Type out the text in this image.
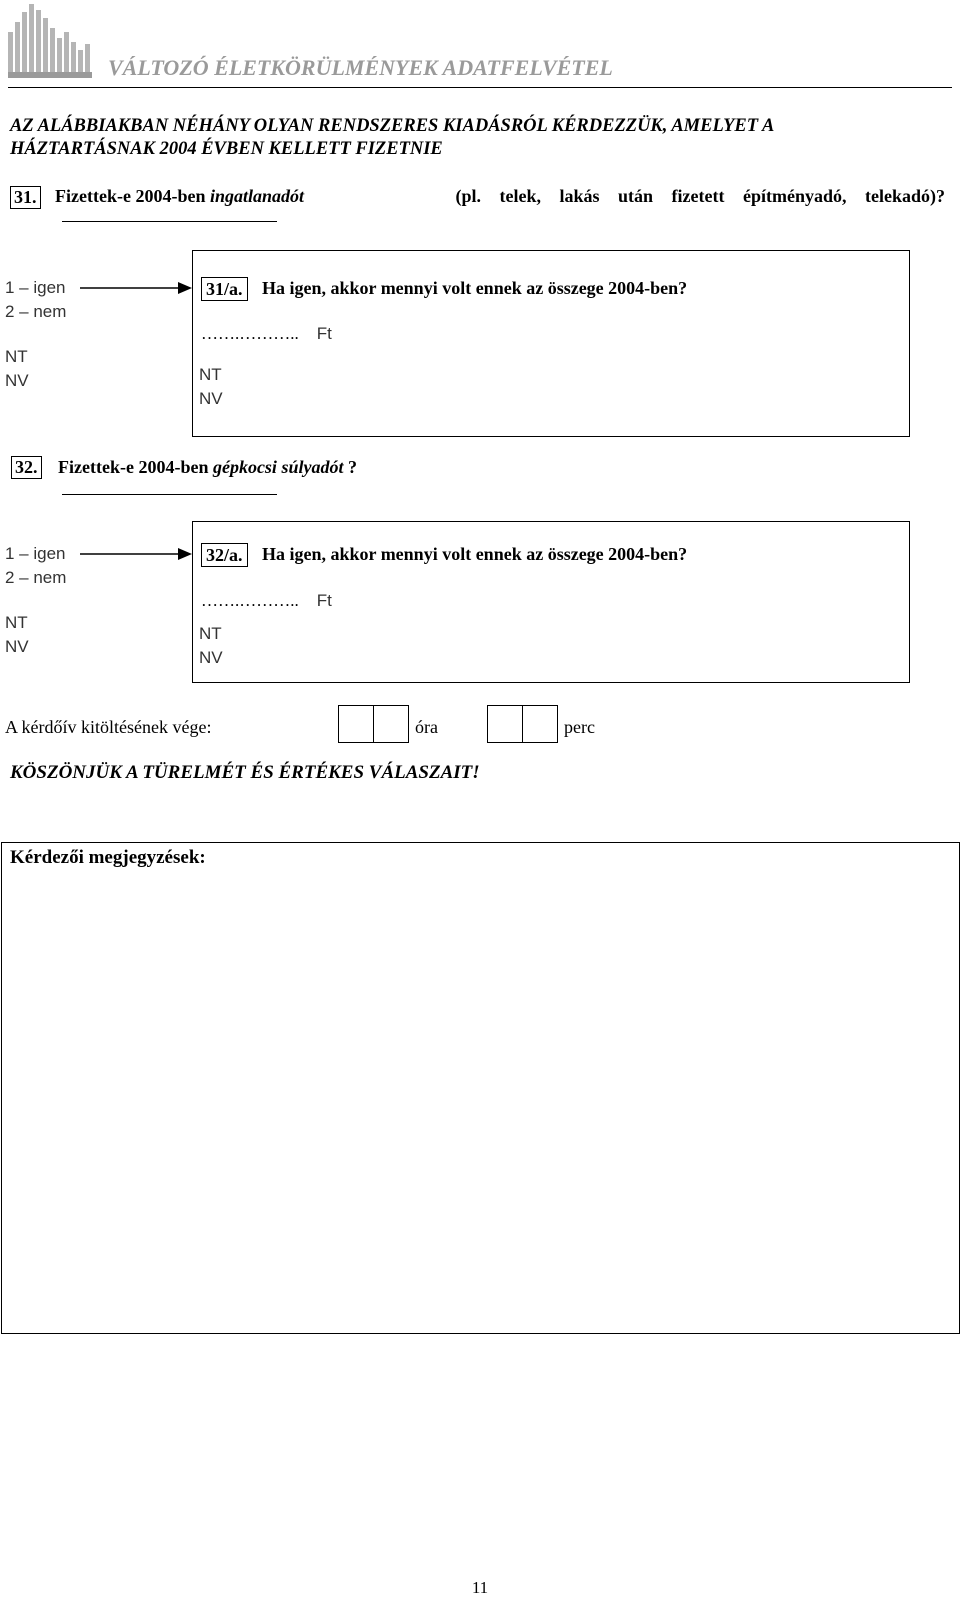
VÁLTOZÓ ÉLETKÖRÜLMÉNYEK ADATFELVÉTEL
AZ ALÁBBIAKBAN NÉHÁNY OLYAN RENDSZERES KIADÁSRÓL KÉRDEZZÜK, AMELYET A
HÁZTARTÁSNAK 2004 ÉVBEN KELLETT FIZETNIE
31. Fizettek-e 2004-ben ingatlanadót	(pl. telek, lakás után fizetett építményadó, telekadó)?
1 – igen
2 – nem
NT
NV
31/a. Ha igen, akkor mennyi volt ennek az összege 2004-ben?
…….……….. Ft
NT
NV
32. Fizettek-e 2004-ben gépkocsi súlyadót ?
1 – igen
2 – nem
NT
NV
32/a. Ha igen, akkor mennyi volt ennek az összege 2004-ben?
…….……….. Ft
NT
NV
A kérdőív kitöltésének vége:	óra	perc
KÖSZÖNJÜK A TÜRELMÉT ÉS ÉRTÉKES VÁLASZAIT!
Kérdezői megjegyzések:
11
